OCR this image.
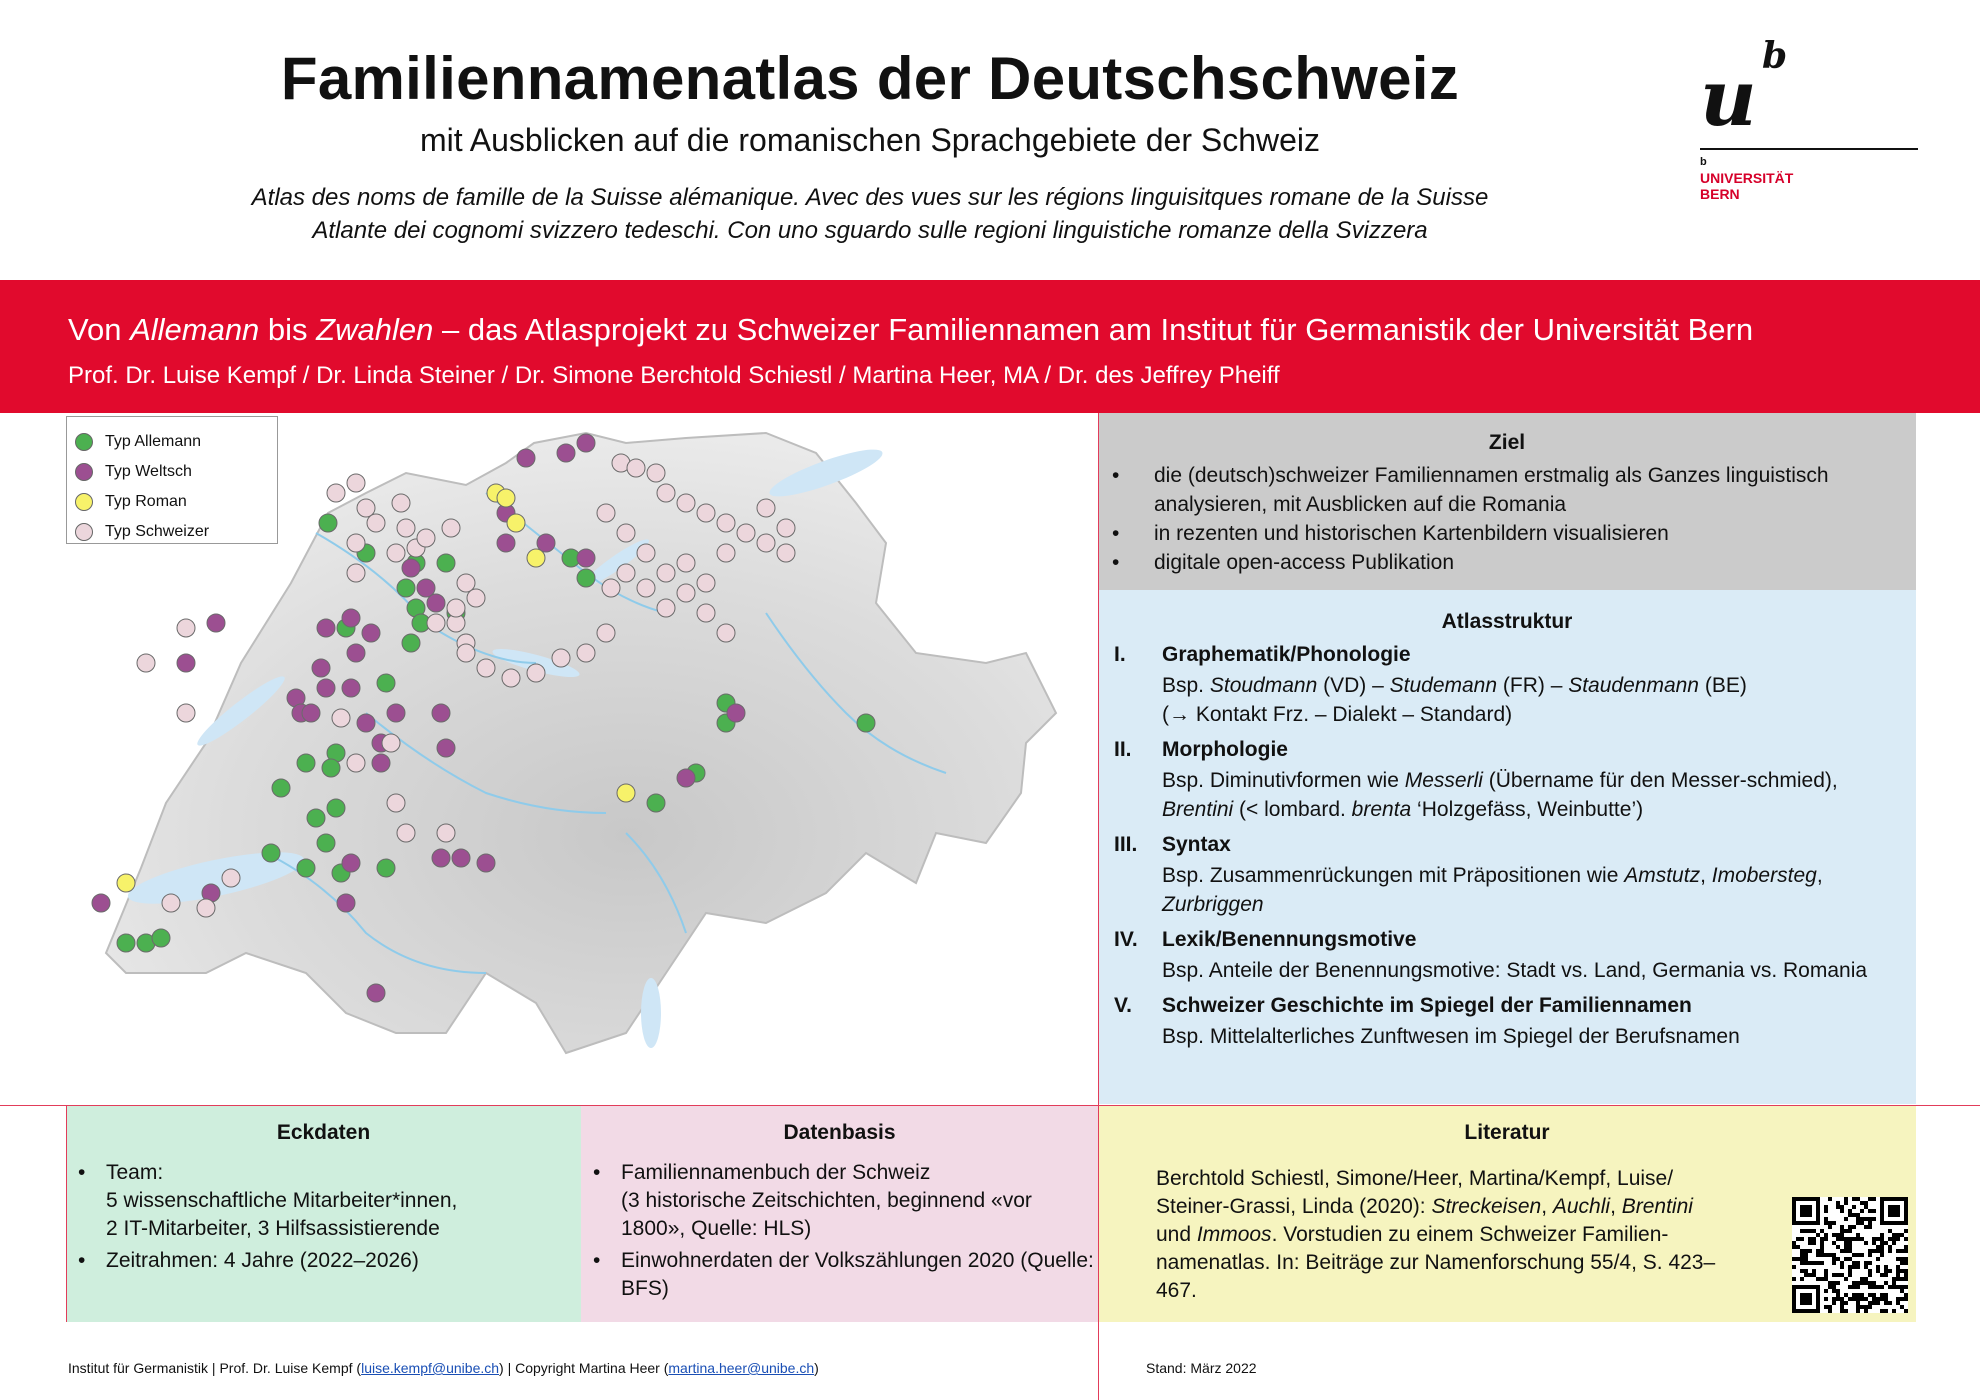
Familiennamenatlas der Deutschschweiz
mit Ausblicken auf die romanischen Sprachgebiete der Schweiz
Atlas des noms de famille de la Suisse alémanique. Avec des vues sur les régions linguisitques romane de la Suisse
Atlante dei cognomi svizzero tedeschi. Con uno sguardo sulle regioni linguistiche romanze della Svizzera
u b
b
UNIVERSITÄT
BERN
Von Allemann bis Zwahlen – das Atlasprojekt zu Schweizer Familiennamen am Institut für Germanistik der Universität Bern
Prof. Dr. Luise Kempf / Dr. Linda Steiner / Dr. Simone Berchtold Schiestl / Martina Heer, MA / Dr. des Jeffrey Pheiff
Typ Allemann
Typ Weltsch
Typ Roman
Typ Schweizer
Ziel
• die (deutsch)schweizer Familiennamen erstmalig als Ganzes linguistisch analysieren, mit Ausblicken auf die Romania
• in rezenten und historischen Kartenbildern visualisieren
• digitale open-access Publikation
Atlasstruktur
I. Graphematik/Phonologie
Bsp. Stoudmann (VD) – Studemann (FR) – Staudenmann (BE)
(→ Kontakt Frz. – Dialekt – Standard)
II. Morphologie
Bsp. Diminutivformen wie Messerli (Übername für den Messer-schmied), Brentini (< lombard. brenta ‘Holzgefäss, Weinbutte’)
III. Syntax
Bsp. Zusammenrückungen mit Präpositionen wie Amstutz, Imobersteg, Zurbriggen
IV. Lexik/Benennungsmotive
Bsp. Anteile der Benennungsmotive: Stadt vs. Land, Germania vs. Romania
V. Schweizer Geschichte im Spiegel der Familiennamen
Bsp. Mittelalterliches Zunftwesen im Spiegel der Berufsnamen
Eckdaten
• Team:
5 wissenschaftliche Mitarbeiter*innen,
2 IT-Mitarbeiter, 3 Hilfsassistierende
• Zeitrahmen: 4 Jahre (2022–2026)
Datenbasis
• Familiennamenbuch der Schweiz
(3 historische Zeitschichten, beginnend «vor 1800», Quelle: HLS)
• Einwohnerdaten der Volkszählungen 2020 (Quelle: BFS)
Literatur
Berchtold Schiestl, Simone/Heer, Martina/Kempf, Luise/ Steiner-Grassi, Linda (2020): Streckeisen, Auchli, Brentini und Immoos. Vorstudien zu einem Schweizer Familien-namenatlas. In: Beiträge zur Namenforschung 55/4, S. 423–467.
Institut für Germanistik | Prof. Dr. Luise Kempf (luise.kempf@unibe.ch) | Copyright Martina Heer (martina.heer@unibe.ch)	Stand: März 2022
